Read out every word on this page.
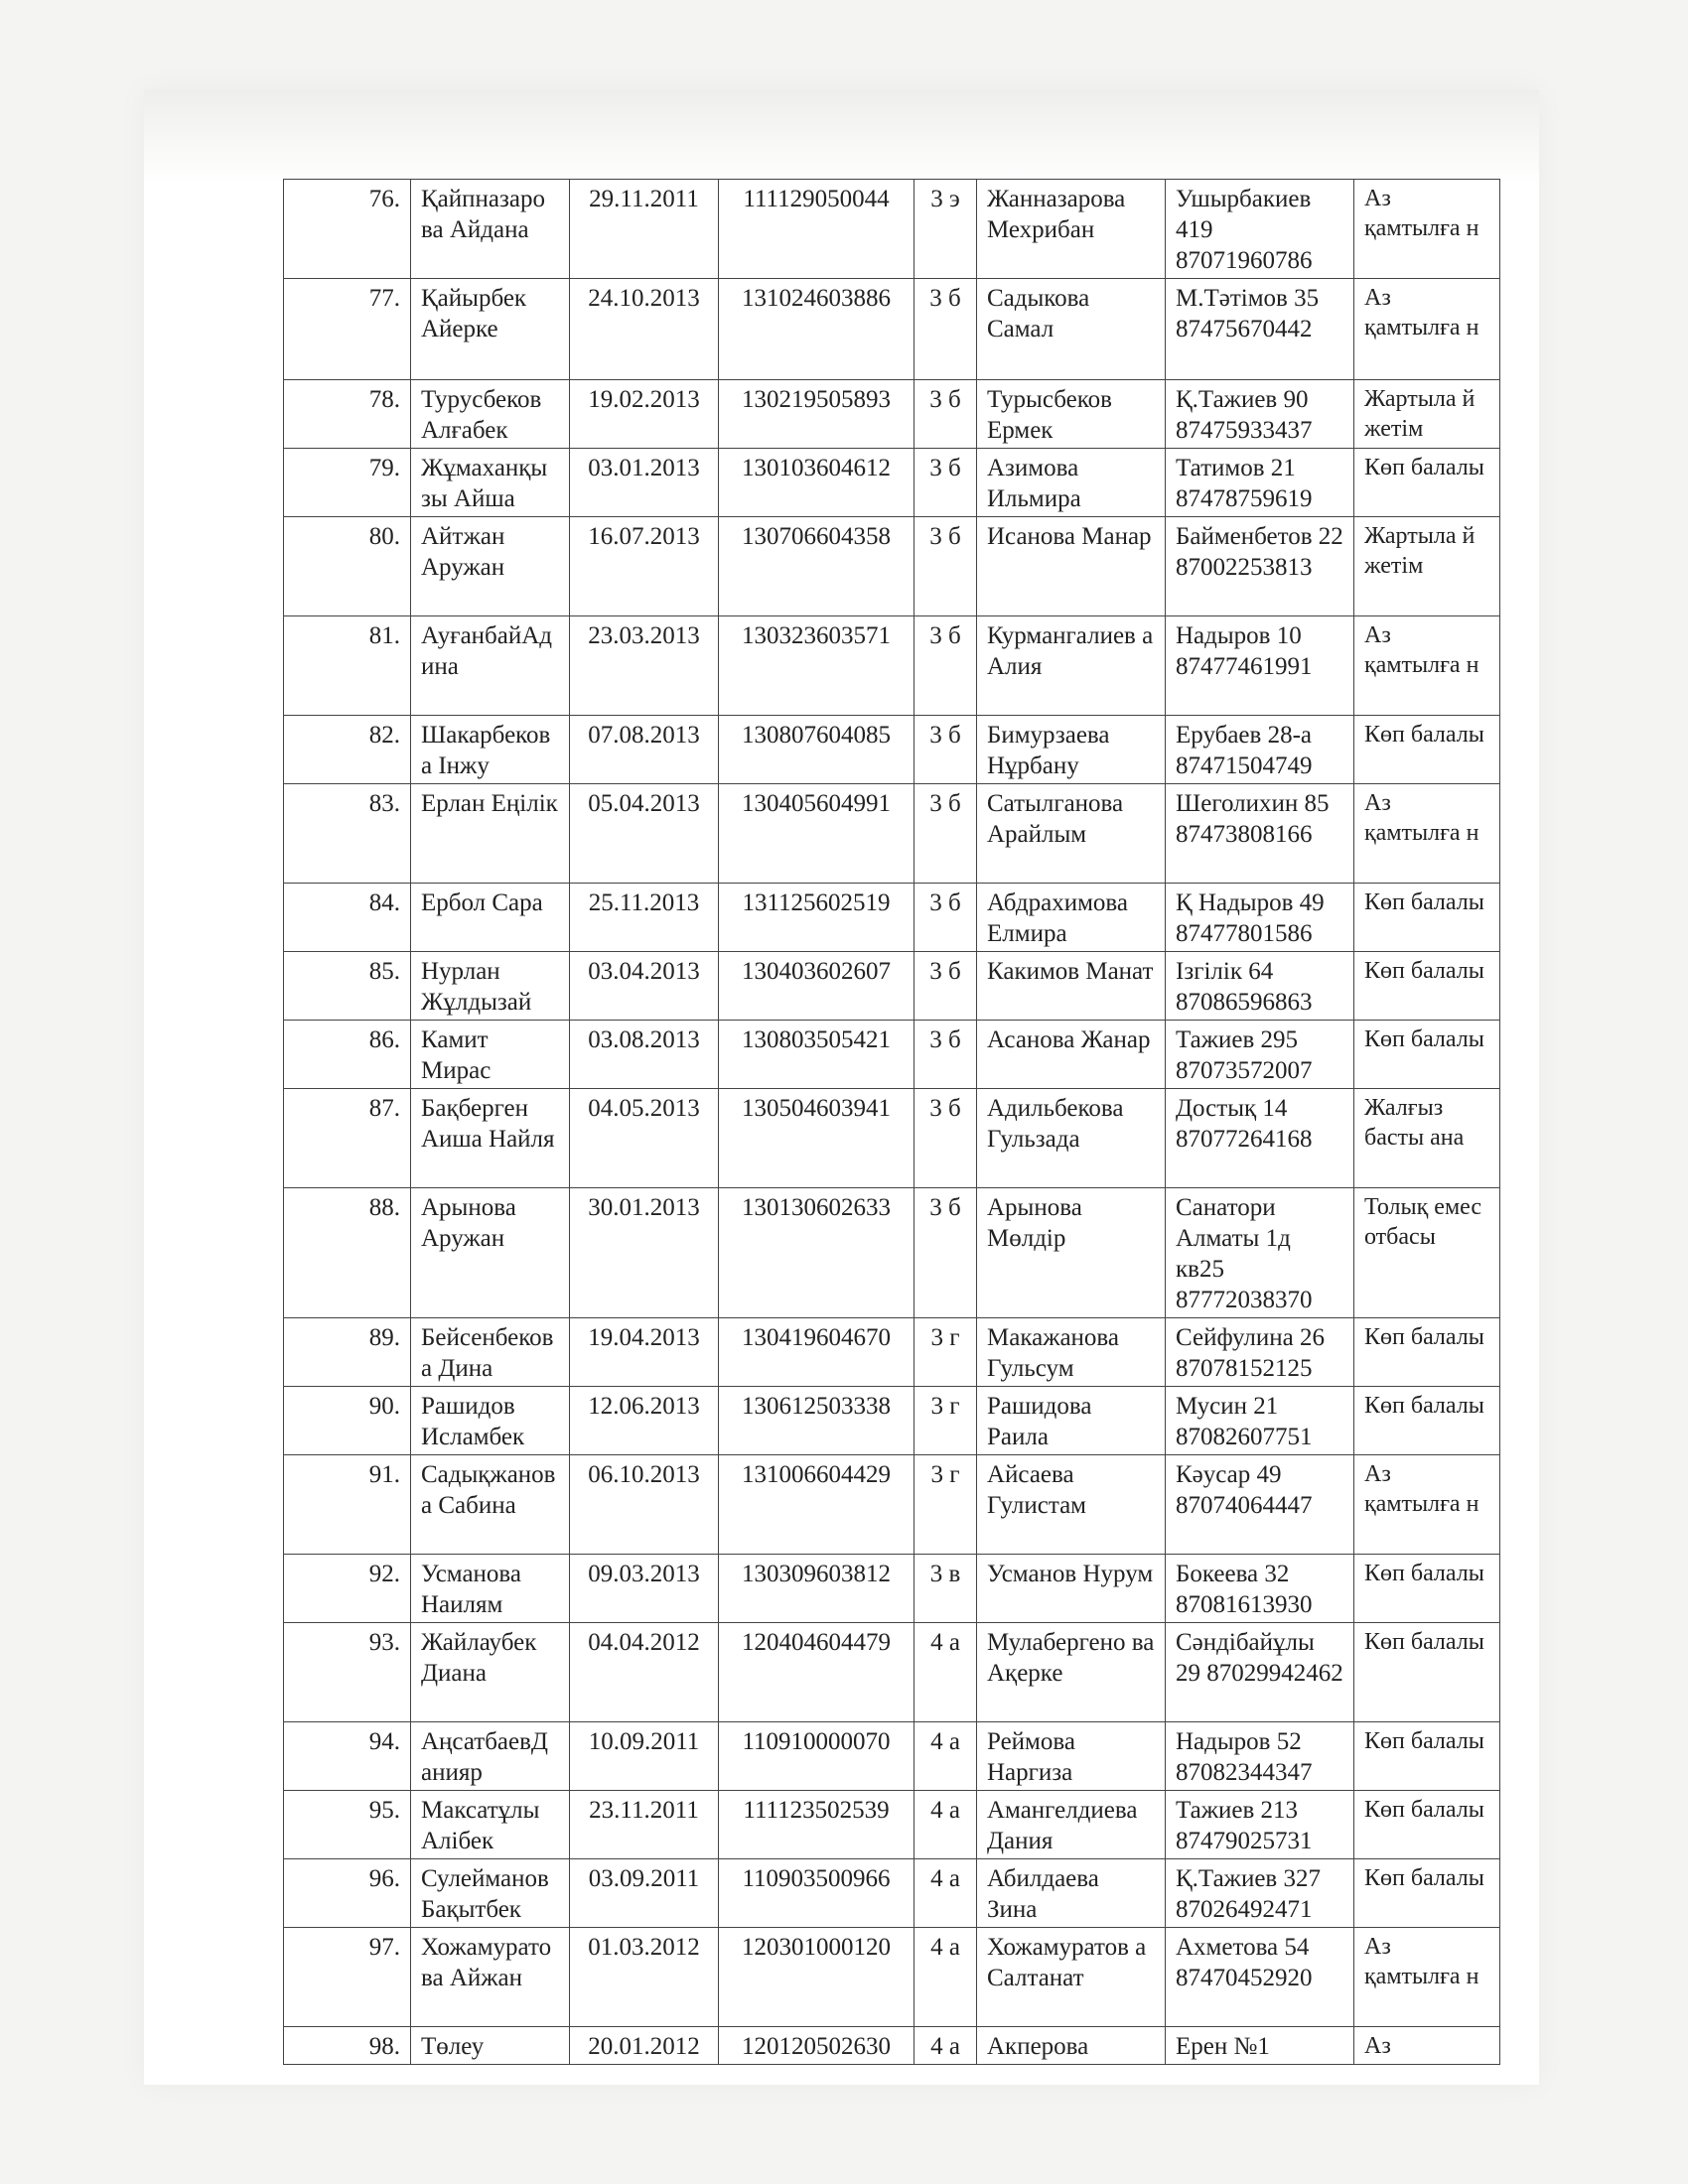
76.	Қайпназаро ва Айдана	29.11.2011	111129050044	3 э	Жанназарова Мехрибан	Ушырбакиев 419 87071960786	Аз қамтылға н
77.	Қайырбек Айерке	24.10.2013	131024603886	3 б	Садыкова Самал	М.Тәтімов 35 87475670442	Аз қамтылға н
78.	Турусбеков Алғабек	19.02.2013	130219505893	3 б	Турысбеков Ермек	Қ.Тажиев 90 87475933437	Жартыла й жетім
79.	Жұмаханқы зы Айша	03.01.2013	130103604612	3 б	Азимова Ильмира	Татимов 21 87478759619	Көп балалы
80.	Айтжан Аружан	16.07.2013	130706604358	3 б	Исанова Манар	Байменбетов 22 87002253813	Жартыла й жетім
81.	АуғанбайАд ина	23.03.2013	130323603571	3 б	Курмангалиев а Алия	Надыров 10 87477461991	Аз қамтылға н
82.	Шакарбеков а Інжу	07.08.2013	130807604085	3 б	Бимурзаева Нұрбану	Ерубаев 28-а 87471504749	Көп балалы
83.	Ерлан Еңілік	05.04.2013	130405604991	3 б	Сатылганова Арайлым	Шеголихин 85 87473808166	Аз қамтылға н
84.	Ербол Сара	25.11.2013	131125602519	3 б	Абдрахимова Елмира	Қ Надыров 49 87477801586	Көп балалы
85.	Нурлан Жұлдызай	03.04.2013	130403602607	3 б	Какимов Манат	Ізгілік 64 87086596863	Көп балалы
86.	Камит Мирас	03.08.2013	130803505421	3 б	Асанова Жанар	Тажиев 295 87073572007	Көп балалы
87.	Бақберген Аиша Найля	04.05.2013	130504603941	3 б	Адильбекова Гульзада	Достық 14 87077264168	Жалғыз басты ана
88.	Арынова Аружан	30.01.2013	130130602633	3 б	Арынова Мөлдір	Санатори Алматы 1д кв25 87772038370	Толық емес отбасы
89.	Бейсенбеков а Дина	19.04.2013	130419604670	3 г	Макажанова Гульсум	Сейфулина 26 87078152125	Көп балалы
90.	Рашидов Исламбек	12.06.2013	130612503338	3 г	Рашидова Раила	Мусин 21 87082607751	Көп балалы
91.	Садықжанов а Сабина	06.10.2013	131006604429	3 г	Айсаева Гулистам	Кәусар 49 87074064447	Аз қамтылға н
92.	Усманова Наилям	09.03.2013	130309603812	3 в	Усманов Нурум	Бокеева 32 87081613930	Көп балалы
93.	Жайлаубек Диана	04.04.2012	120404604479	4 а	Мулабергено ва Ақерке	Сәндібайұлы 29 87029942462	Көп балалы
94.	АңсатбаевД анияр	10.09.2011	110910000070	4 а	Реймова Наргиза	Надыров 52 87082344347	Көп балалы
95.	Максатұлы Алібек	23.11.2011	111123502539	4 а	Амангелдиева Дания	Тажиев 213 87479025731	Көп балалы
96.	Сулейманов Бақытбек	03.09.2011	110903500966	4 а	Абилдаева Зина	Қ.Тажиев 327 87026492471	Көп балалы
97.	Хожамурато ва Айжан	01.03.2012	120301000120	4 а	Хожамуратов а Салтанат	Ахметова 54 87470452920	Аз қамтылға н
98.	Төлеу	20.01.2012	120120502630	4 а	Акперова	Ерен №1	Аз
